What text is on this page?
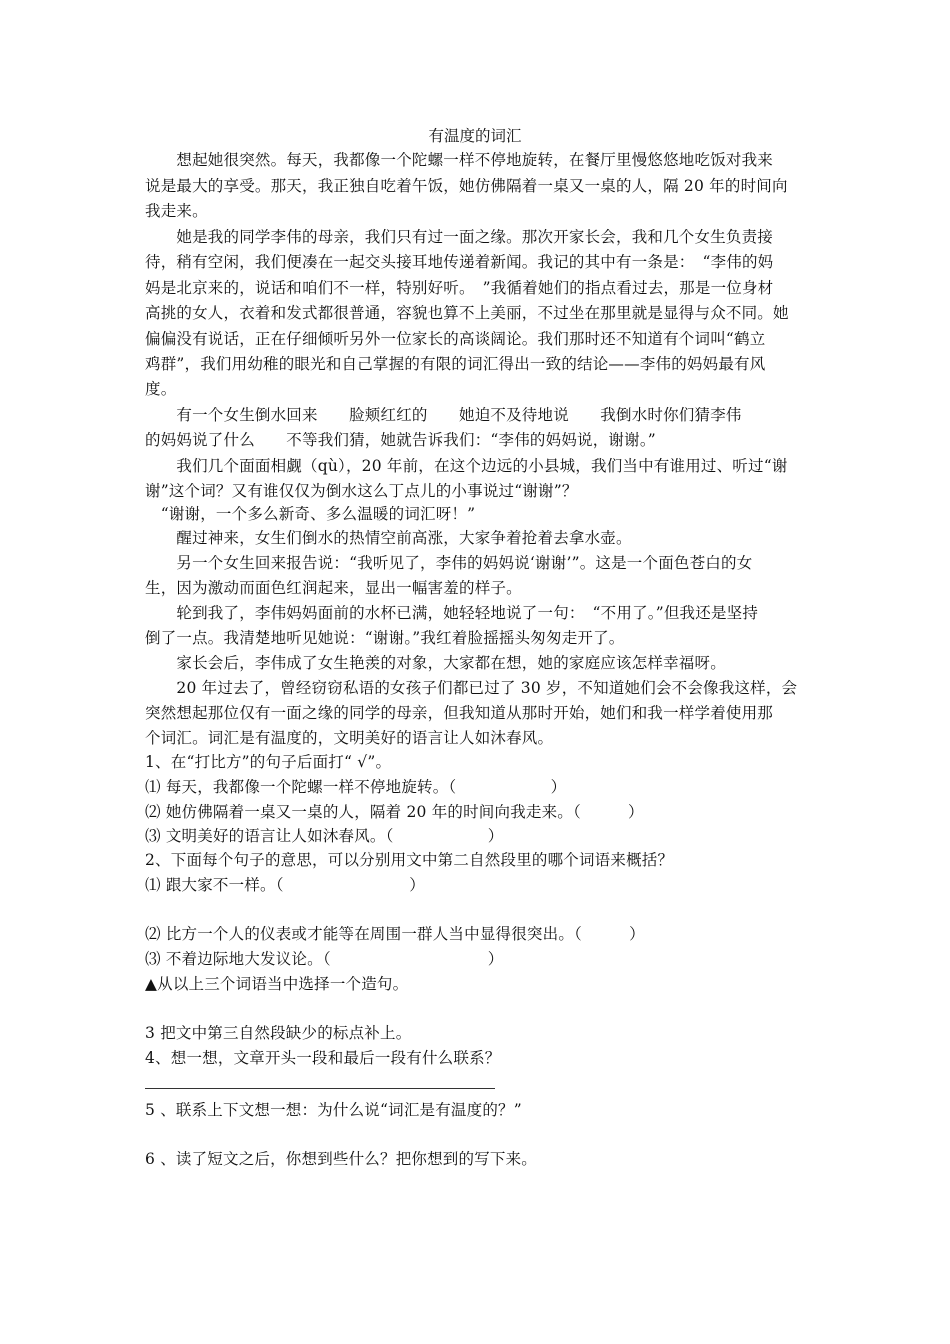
有温度的词汇
　　想起她很突然。每天，我都像一个陀螺一样不停地旋转，在餐厅里慢悠悠地吃饭对我来
说是最大的享受。那天，我正独自吃着午饭，她仿佛隔着一桌又一桌的人，隔 20 年的时间向
我走来。
　　她是我的同学李伟的母亲，我们只有过一面之缘。那次开家长会，我和几个女生负责接
待，稍有空闲，我们便凑在一起交头接耳地传递着新闻。我记的其中有一条是：　“李伟的妈
妈是北京来的，说话和咱们不一样，特别好听。　”我循着她们的指点看过去，那是一位身材
高挑的女人，衣着和发式都很普通，容貌也算不上美丽，不过坐在那里就是显得与众不同。她
偏偏没有说话，正在仔细倾听另外一位家长的高谈阔论。我们那时还不知道有个词叫“鹤立
鸡群”，我们用幼稚的眼光和自己掌握的有限的词汇得出一致的结论——李伟的妈妈最有风
度。
　　有一个女生倒水回来　　脸颊红红的　　她迫不及待地说　　我倒水时你们猜李伟
的妈妈说了什么　　不等我们猜，她就告诉我们：“李伟的妈妈说，谢谢。”
　　我们几个面面相觑（qù），20 年前，在这个边远的小县城，我们当中有谁用过、听过“谢
谢”这个词？又有谁仅仅为倒水这么丁点儿的小事说过“谢谢”？
　“谢谢，一个多么新奇、多么温暖的词汇呀！”
　　醒过神来，女生们倒水的热情空前高涨，大家争着抢着去拿水壶。
　　另一个女生回来报告说：“我听见了，李伟的妈妈说‘谢谢’”。这是一个面色苍白的女
生，因为激动而面色红润起来，显出一幅害羞的样子。
　　轮到我了，李伟妈妈面前的水杯已满，她轻轻地说了一句：　“不用了。”但我还是坚持
倒了一点。我清楚地听见她说：“谢谢。”我红着脸摇摇头匆匆走开了。
　　家长会后，李伟成了女生艳羡的对象，大家都在想，她的家庭应该怎样幸福呀。
　　20 年过去了，曾经窃窃私语的女孩子们都已过了 30 岁，不知道她们会不会像我这样，会
突然想起那位仅有一面之缘的同学的母亲，但我知道从那时开始，她们和我一样学着使用那
个词汇。词汇是有温度的，文明美好的语言让人如沐春风。
1、在“打比方”的句子后面打“ √”。
⑴ 每天，我都像一个陀螺一样不停地旋转。（　　　　　　）
⑵ 她仿佛隔着一桌又一桌的人，隔着 20 年的时间向我走来。（　　　）
⑶ 文明美好的语言让人如沐春风。（　　　　　　）
2、下面每个句子的意思，可以分别用文中第二自然段里的哪个词语来概括？
⑴ 跟大家不一样。（　　　　　　　　）
⑵ 比方一个人的仪表或才能等在周围一群人当中显得很突出。（　　　）
⑶ 不着边际地大发议论。（　　　　　　　　　　）
▲从以上三个词语当中选择一个造句。
3 把文中第三自然段缺少的标点补上。
4、想一想，文章开头一段和最后一段有什么联系？
5 、联系上下文想一想：为什么说“词汇是有温度的？”
6 、读了短文之后，你想到些什么？把你想到的写下来。
